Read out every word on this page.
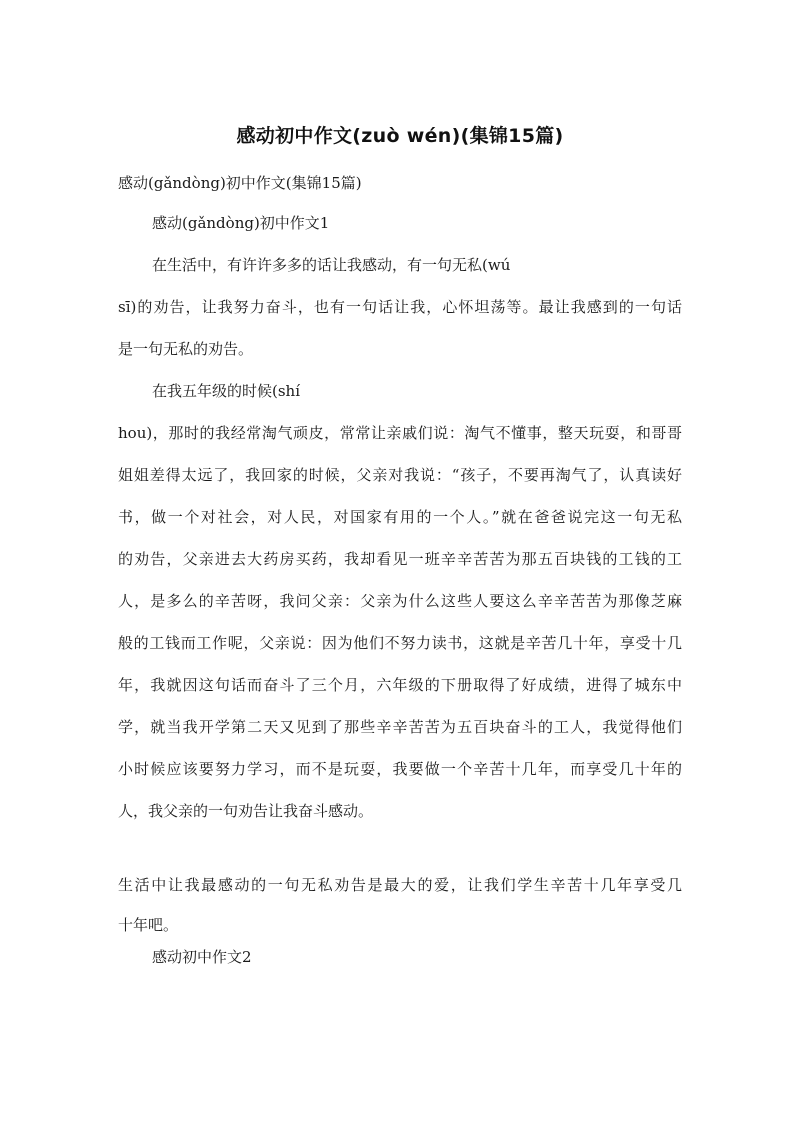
感动初中作文(zuò wén)(集锦15篇)
感动(gǎndòng)初中作文(集锦15篇)
感动(gǎndòng)初中作文1
在生活中，有许许多多的话让我感动，有一句无私(wú
sī)的劝告，让我努力奋斗，也有一句话让我，心怀坦荡等。最让我感到的一句话
是一句无私的劝告。
在我五年级的时候(shí
hou)，那时的我经常淘气顽皮，常常让亲戚们说：淘气不懂事，整天玩耍，和哥哥
姐姐差得太远了，我回家的时候，父亲对我说：“孩子，不要再淘气了，认真读好
书，做一个对社会，对人民，对国家有用的一个人。”就在爸爸说完这一句无私
的劝告，父亲进去大药房买药，我却看见一班辛辛苦苦为那五百块钱的工钱的工
人，是多么的辛苦呀，我问父亲：父亲为什么这些人要这么辛辛苦苦为那像芝麻
般的工钱而工作呢，父亲说：因为他们不努力读书，这就是辛苦几十年，享受十几
年，我就因这句话而奋斗了三个月，六年级的下册取得了好成绩，进得了城东中
学，就当我开学第二天又见到了那些辛辛苦苦为五百块奋斗的工人，我觉得他们
小时候应该要努力学习，而不是玩耍，我要做一个辛苦十几年，而享受几十年的
人，我父亲的一句劝告让我奋斗感动。
生活中让我最感动的一句无私劝告是最大的爱，让我们学生辛苦十几年享受几
十年吧。
感动初中作文2
